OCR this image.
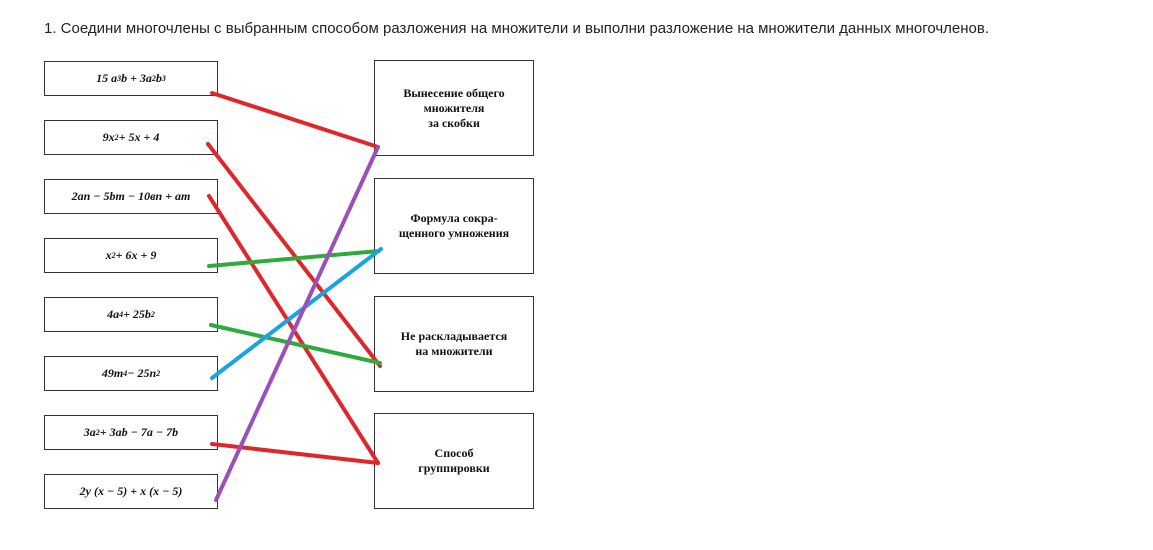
1. Соедини многочлены с выбранным способом разложения на множители и выполни разложение на множители данных многочленов.
15 a 3 b + 3a 2 b 3
9x 2 + 5x + 4
2an − 5bm − 10вn + am
x 2 + 6x + 9
4a 4 + 25b 2
49m 4 − 25n 2
3a 2 + 3ab − 7a − 7b
2y (x − 5) + x (x − 5)
Вынесение общего
множителя
за скобки
Формула сокра-
щенного умножения
Не раскладывается
на множители
Способ
группировки
